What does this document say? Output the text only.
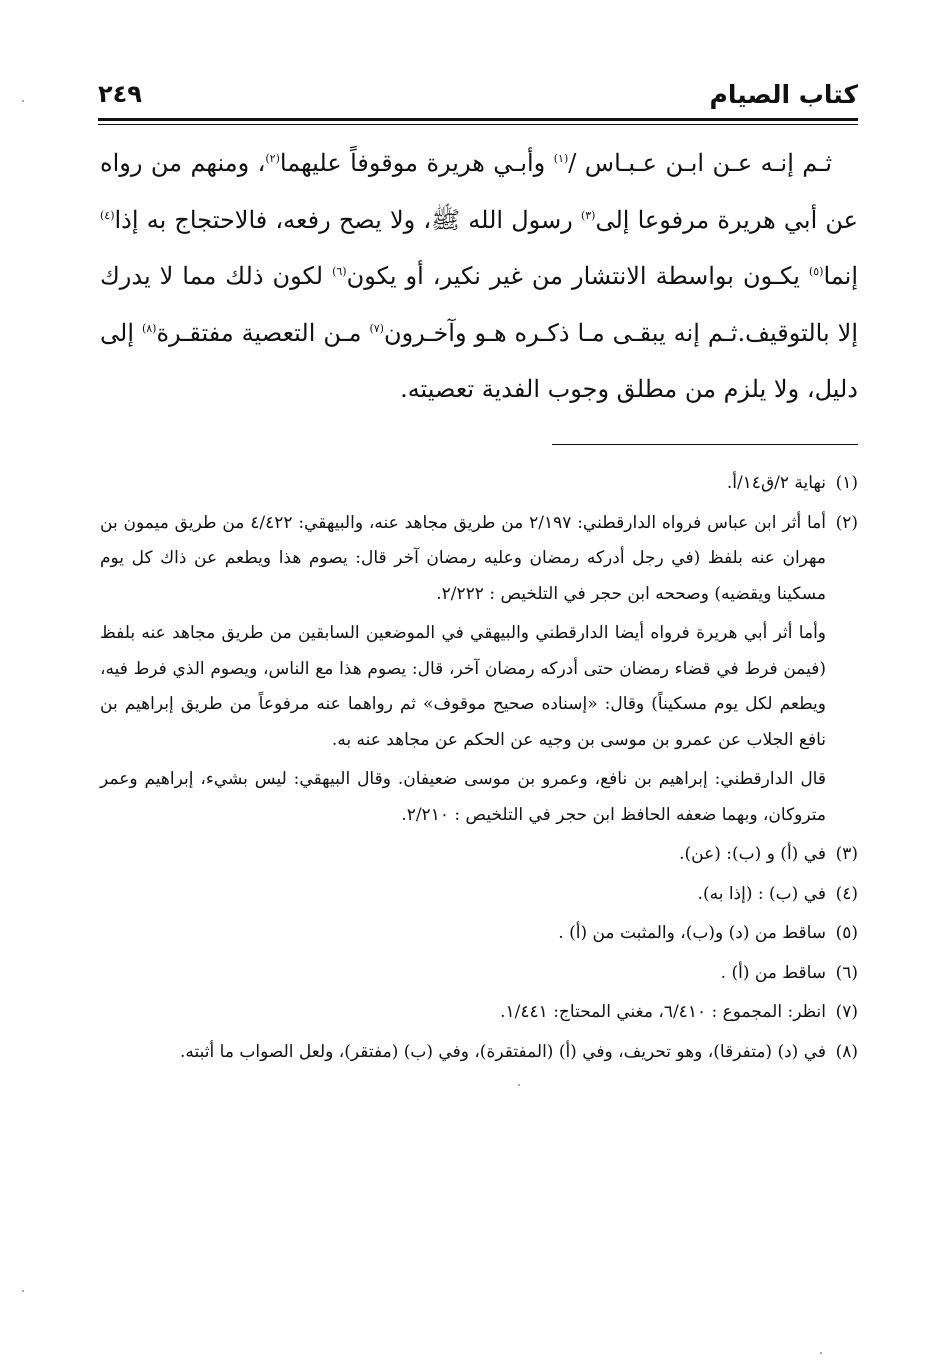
كتاب الصيام
٢٤٩

ثـم إنـه عـن ابـن عـبـاس /$^{(١)}$ وأبـي هريرة موقوفاً عليهما$^{(٢)}$، ومنهم من رواه عن أبي هريرة مرفوعا إلى$^{(٣)}$ رسول الله ﷺ، ولا يصح رفعه، فالاحتجاج به إذا$^{(٤)}$ إنما$^{(٥)}$ يكـون بواسطة الانتشار من غير نكير، أو يكون$^{(٦)}$ لكون ذلك مما لا يدرك إلا بالتوقيف.ثـم إنه يبقـى مـا ذكـره هـو وآخـرون$^{(٧)}$ مـن التعصية مفتقـرة$^{(٨)}$ إلى دليل، ولا يلزم من مطلق وجوب الفدية تعصيته.

(١)

نهاية ٢/ق١٤/أ.

(٢)

أما أثر ابن عباس فرواه الدارقطني: ٢/١٩٧ من طريق مجاهد عنه، والبيهقي: ٤/٤٢٢ من طريق ميمون بن مهران عنه بلفظ (في رجل أدركه رمضان وعليه رمضان آخر قال: يصوم هذا ويطعم عن ذاك كل يوم مسكينا ويقضيه) وصححه ابن حجر في التلخيص : ٢/٢٢٢.

وأما أثر أبي هريرة فرواه أيضا الدارقطني والبيهقي في الموضعين السابقين من طريق مجاهد عنه بلفظ (فيمن فرط في قضاء رمضان حتى أدركه رمضان آخر، قال: يصوم هذا مع الناس، ويصوم الذي فرط فيه، ويطعم لكل يوم مسكيناً) وقال: «إسناده صحيح موقوف» ثم رواهما عنه مرفوعاً من طريق إبراهيم بن نافع الجلاب عن عمرو بن موسى بن وجيه عن الحكم عن مجاهد عنه به.

قال الدارقطني: إبراهيم بن نافع، وعمرو بن موسى ضعيفان. وقال البيهقي: ليس بشيء، إبراهيم وعمر متروكان، وبهما ضعفه الحافظ ابن حجر في التلخيص : ٢/٢١٠.

(٣)

في (أ) و (ب): (عن).

(٤)

في (ب) : (إذا به).

(٥)

ساقط من (د) و(ب)، والمثبت من (أ) .

(٦)

ساقط من (أ) .

(٧)

انظر: المجموع : ٦/٤١٠، مغني المحتاج: ١/٤٤١.

(٨)

في (د) (متفرقا)، وهو تحريف، وفي (أ) (المفتقرة)، وفي (ب) (مفتقر)، ولعل الصواب ما أثبته.
